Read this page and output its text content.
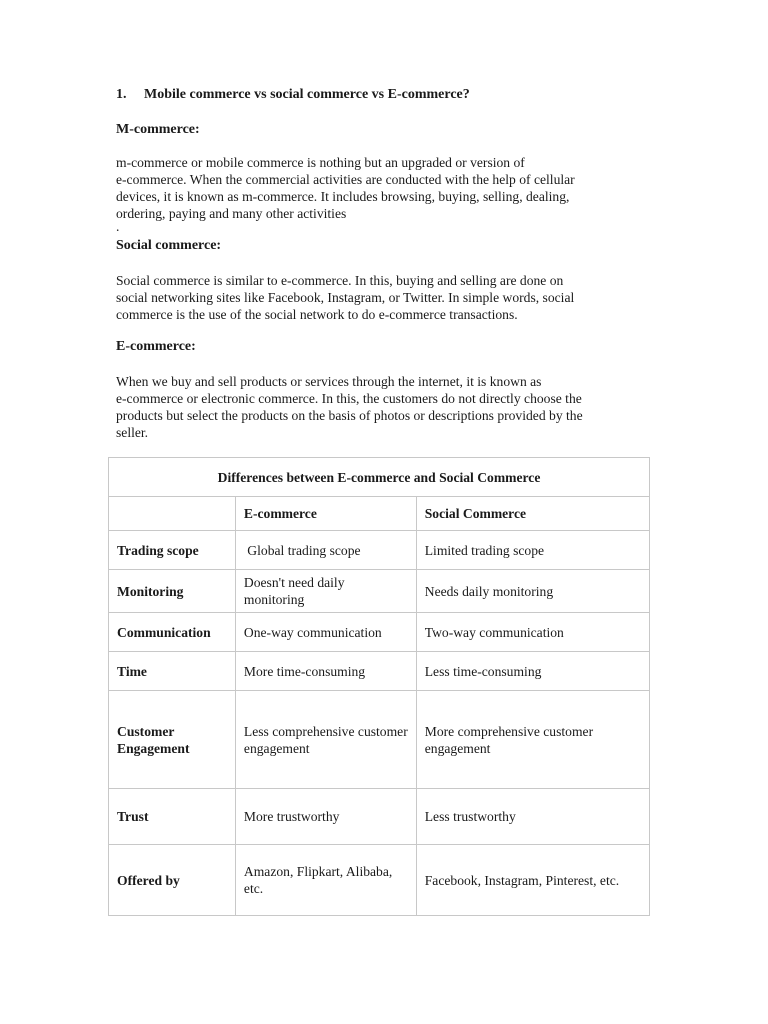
1. Mobile commerce vs social commerce vs E-commerce?
M-commerce:
m-commerce or mobile commerce is nothing but an upgraded or version of
e-commerce. When the commercial activities are conducted with the help of cellular
devices, it is known as m-commerce. It includes browsing, buying, selling, dealing,
ordering, paying and many other activities
.
Social commerce:
Social commerce is similar to e-commerce. In this, buying and selling are done on
social networking sites like Facebook, Instagram, or Twitter. In simple words, social
commerce is the use of the social network to do e-commerce transactions.
E-commerce:
When we buy and sell products or services through the internet, it is known as
e-commerce or electronic commerce. In this, the customers do not directly choose the
products but select the products on the basis of photos or descriptions provided by the
seller.
Differences between E-commerce and Social Commerce		
	E-commerce	Social Commerce
Trading scope	Global trading scope	Limited trading scope
Monitoring	Doesn't need daily monitoring	Needs daily monitoring
Communication	One-way communication	Two-way communication
Time	More time-consuming	Less time-consuming
Customer Engagement	Less comprehensive customer engagement	More comprehensive customer engagement
Trust	More trustworthy	Less trustworthy
Offered by	Amazon, Flipkart, Alibaba, etc.	Facebook, Instagram, Pinterest, etc.
